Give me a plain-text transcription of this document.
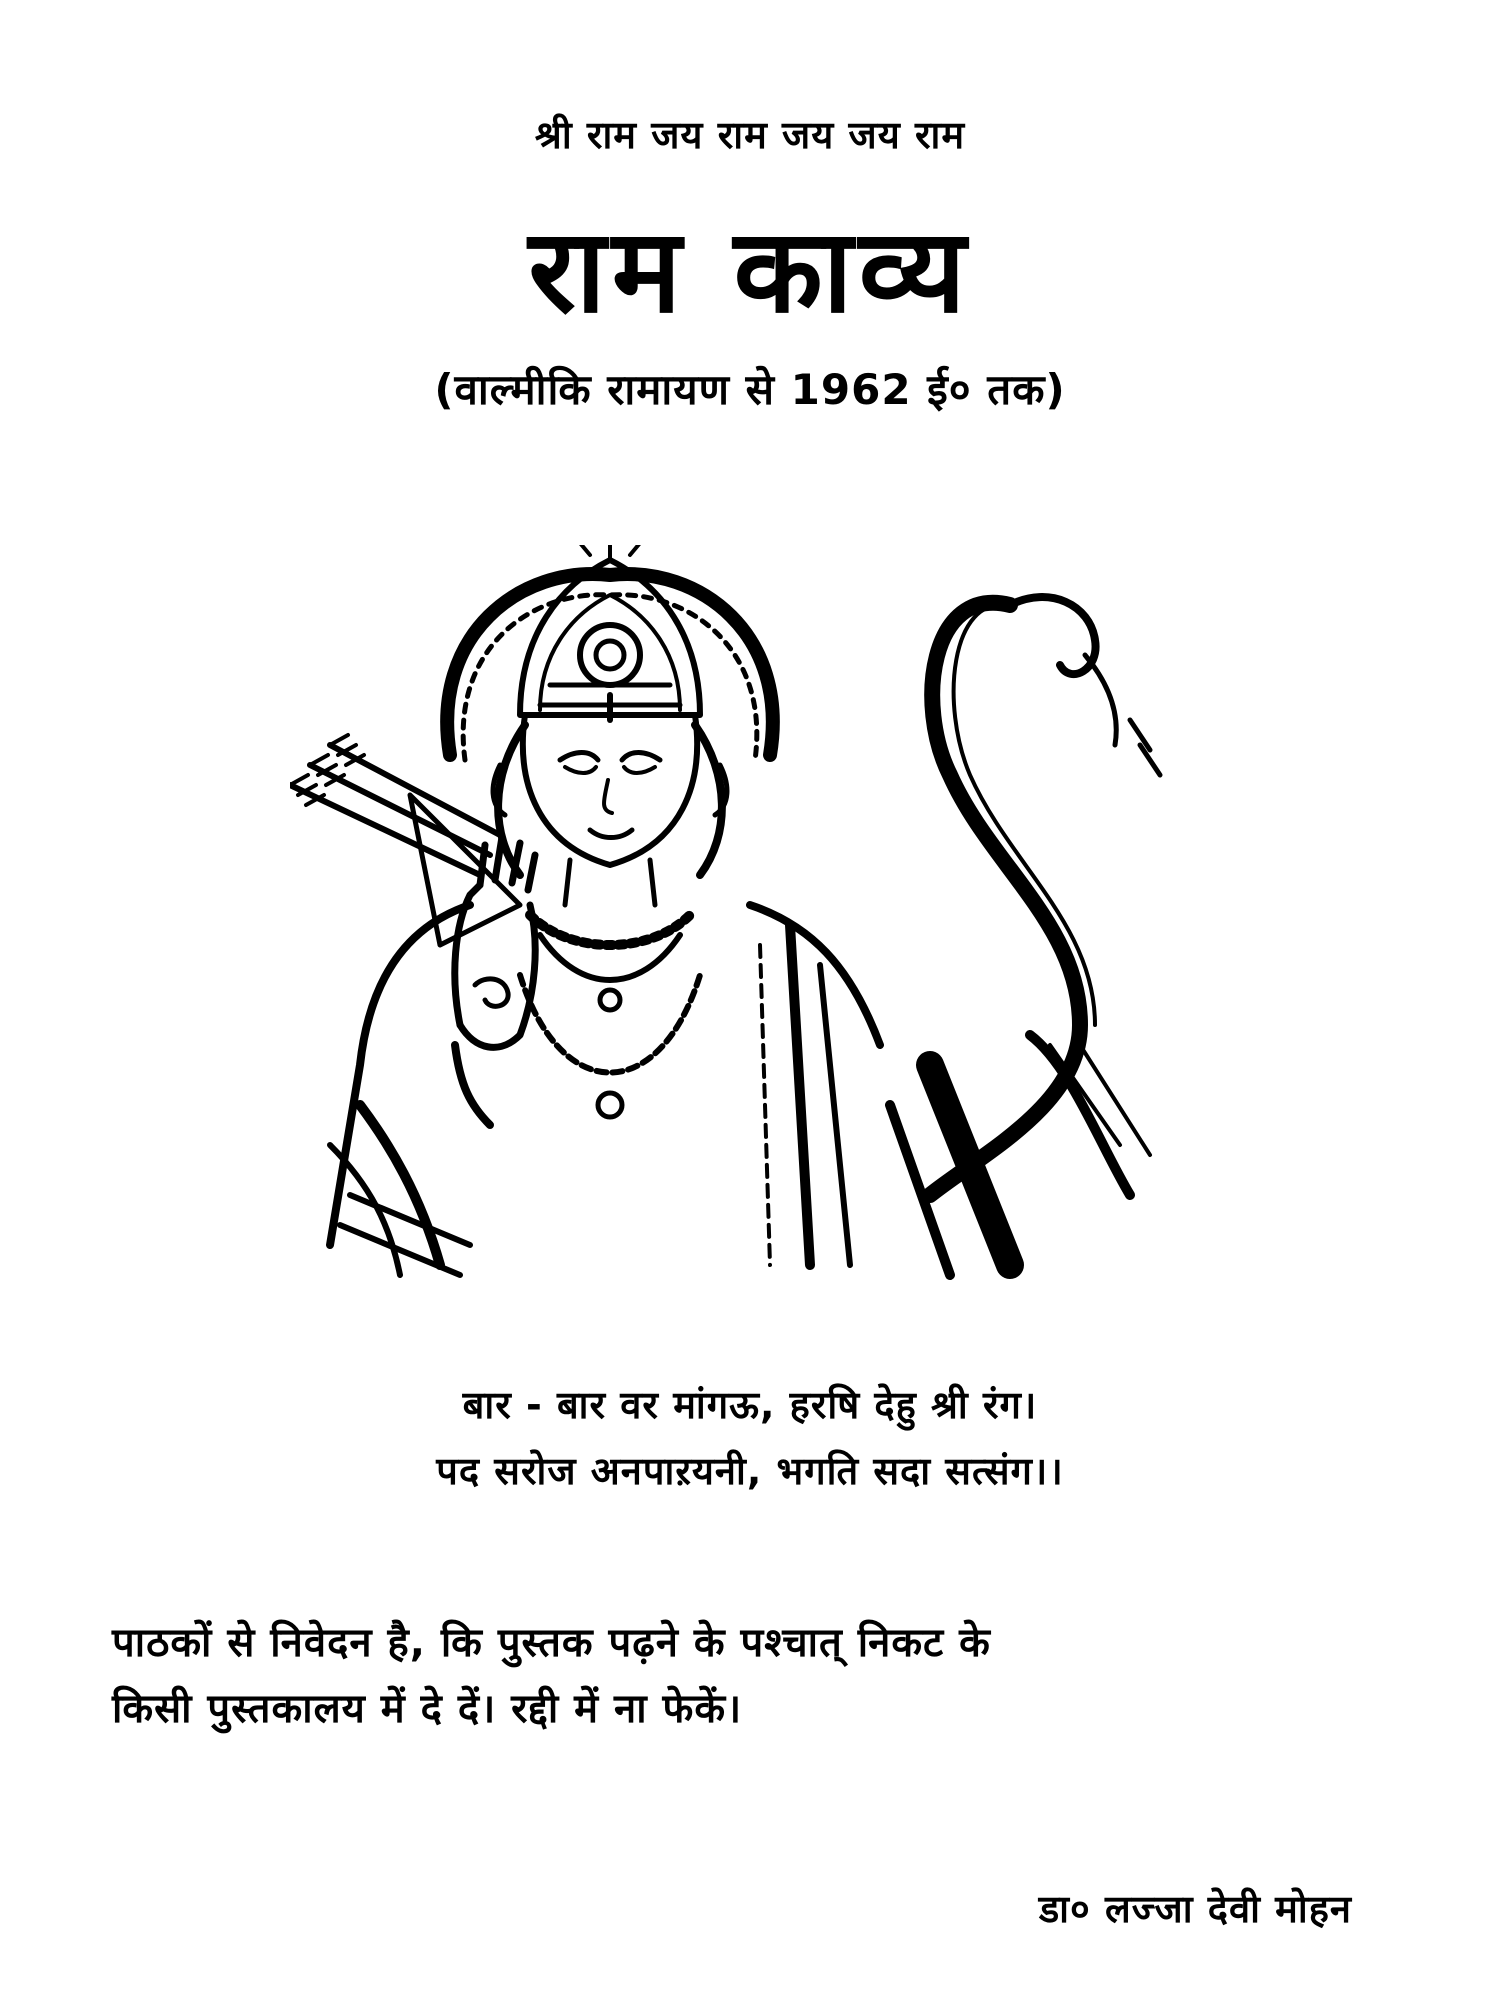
श्री राम जय राम जय जय राम
राम काव्य
(वाल्मीकि रामायण से 1962 ई० तक)
बार - बार वर मांगऊ, हरषि देहु श्री रंग।
पद सरोज अनपाऱयनी, भगति सदा सत्संग।।
पाठकों से निवेदन है, कि पुस्तक पढ़ने के पश्चात् निकट के
किसी पुस्तकालय में दे दें। रद्दी में ना फेकें।
डा० लज्जा देवी मोहन
